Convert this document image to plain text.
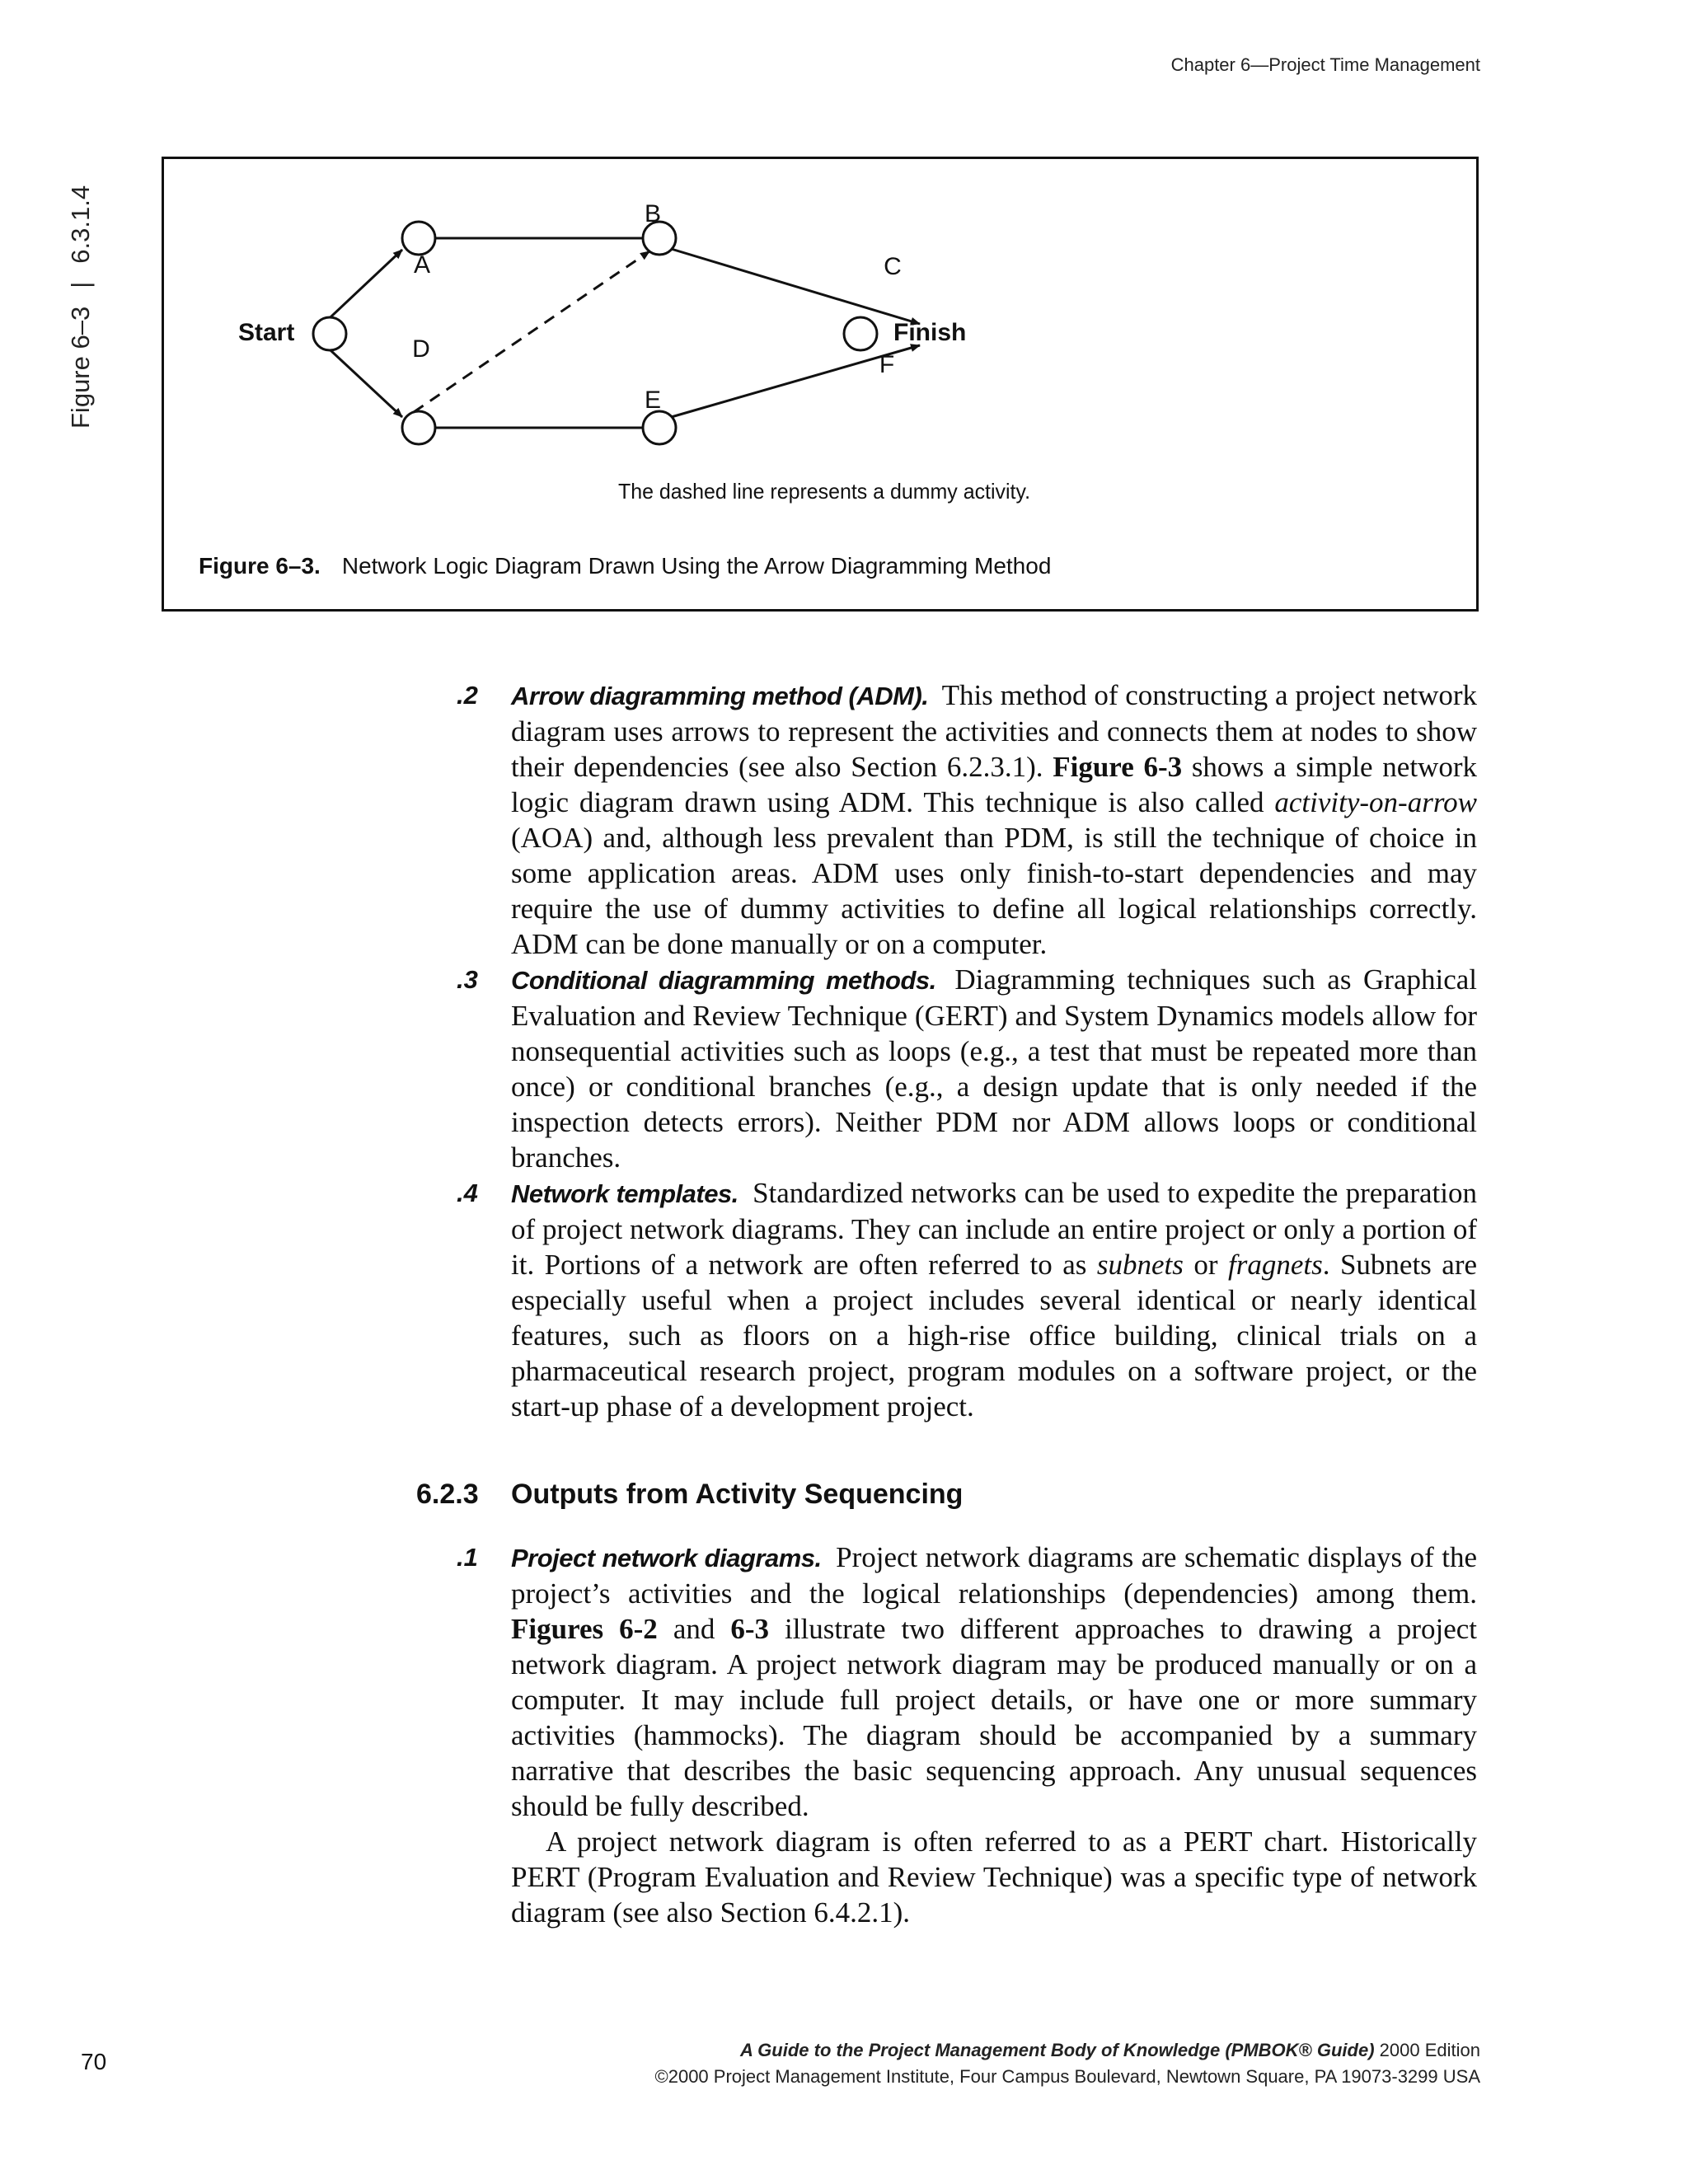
Chapter 6—Project Time Management
Figure 6–3|6.3.1.4
Start	Finish
A
B
C
D
E
F
The dashed line represents a dummy activity.
Figure 6–3. Network Logic Diagram Drawn Using the Arrow Diagramming Method
.2 Arrow diagramming method (ADM). This method of constructing a project network diagram uses arrows to represent the activities and connects them at nodes to show their dependencies (see also Section 6.2.3.1). Figure 6-3 shows a simple network logic diagram drawn using ADM. This technique is also called activity-on-arrow (AOA) and, although less prevalent than PDM, is still the technique of choice in some application areas. ADM uses only finish-to-start dependencies and may require the use of dummy activities to define all logical relationships correctly. ADM can be done manually or on a computer.

.3 Conditional diagramming methods. Diagramming techniques such as Graphical Evaluation and Review Technique (GERT) and System Dynamics models allow for nonsequential activities such as loops (e.g., a test that must be repeated more than once) or conditional branches (e.g., a design update that is only needed if the inspection detects errors). Neither PDM nor ADM allows loops or conditional branches.

.4 Network templates. Standardized networks can be used to expedite the preparation of project network diagrams. They can include an entire project or only a portion of it. Portions of a network are often referred to as subnets or fragnets. Subnets are especially useful when a project includes several identical or nearly identical features, such as floors on a high-rise office building, clinical trials on a pharmaceutical research project, program modules on a software project, or the start-up phase of a development project.

6.2.3 Outputs from Activity Sequencing
.1 Project network diagrams. Project network diagrams are schematic displays of the project’s activities and the logical relationships (dependencies) among them. Figures 6-2 and 6-3 illustrate two different approaches to drawing a project network diagram. A project network diagram may be produced manually or on a computer. It may include full project details, or have one or more summary activities (hammocks). The diagram should be accompanied by a summary narrative that describes the basic sequencing approach. Any unusual sequences should be fully described.

A project network diagram is often referred to as a PERT chart. Historically PERT (Program Evaluation and Review Technique) was a specific type of network diagram (see also Section 6.4.2.1).

70	A Guide to the Project Management Body of Knowledge (PMBOK® Guide) 2000 Edition
©2000 Project Management Institute, Four Campus Boulevard, Newtown Square, PA 19073-3299 USA
